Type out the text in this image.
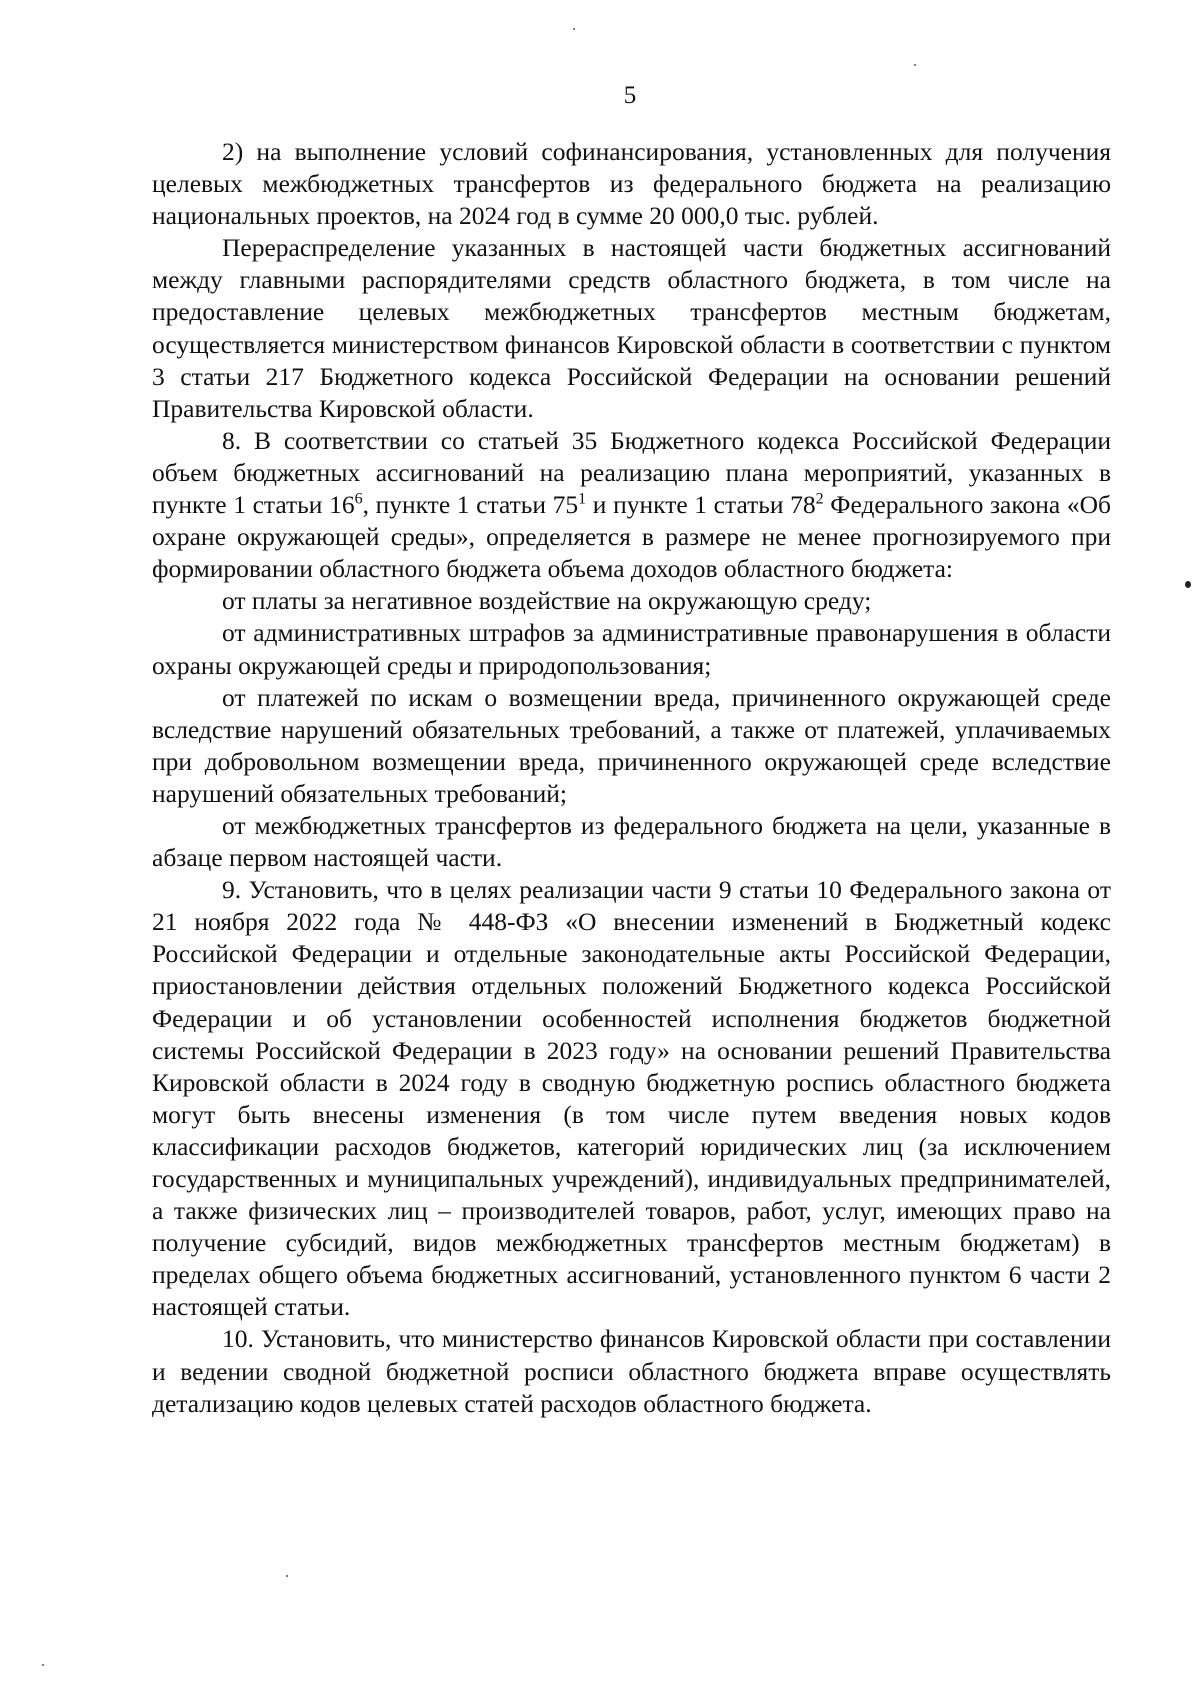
5

2) на выполнение условий софинансирования, установленных для получения целевых межбюджетных трансфертов из федерального бюджета на реализацию национальных проектов, на 2024 год в сумме 20 000,0 тыс. рублей.

Перераспределение указанных в настоящей части бюджетных ассигнований между главными распорядителями средств областного бюджета, в том числе на предоставление целевых межбюджетных трансфертов местным бюджетам, осуществляется министерством финансов Кировской области в соответствии с пунктом 3 статьи 217 Бюджетного кодекса Российской Федерации на основании решений Правительства Кировской области.

8. В соответствии со статьей 35 Бюджетного кодекса Российской Федерации объем бюджетных ассигнований на реализацию плана мероприятий, указанных в пункте 1 статьи $16^6$, пункте 1 статьи $75^1$ и пункте 1 статьи $78^2$ Федерального закона «Об охране окружающей среды», определяется в размере не менее прогнозируемого при формировании областного бюджета объема доходов областного бюджета:

от платы за негативное воздействие на окружающую среду;

от административных штрафов за административные правонарушения в области охраны окружающей среды и природопользования;

от платежей по искам о возмещении вреда, причиненного окружающей среде вследствие нарушений обязательных требований, а также от платежей, уплачиваемых при добровольном возмещении вреда, причиненного окружающей среде вследствие нарушений обязательных требований;

от межбюджетных трансфертов из федерального бюджета на цели, указанные в абзаце первом настоящей части.

9. Установить, что в целях реализации части 9 статьи 10 Федерального закона от 21 ноября 2022 года № 448-ФЗ «О внесении изменений в Бюджетный кодекс Российской Федерации и отдельные законодательные акты Российской Федерации, приостановлении действия отдельных положений Бюджетного кодекса Российской Федерации и об установлении особенностей исполнения бюджетов бюджетной системы Российской Федерации в 2023 году» на основании решений Правительства Кировской области в 2024 году в сводную бюджетную роспись областного бюджета могут быть внесены изменения (в том числе путем введения новых кодов классификации расходов бюджетов, категорий юридических лиц (за исключением государственных и муниципальных учреждений), индивидуальных предпринимателей, а также физических лиц – производителей товаров, работ, услуг, имеющих право на получение субсидий, видов межбюджетных трансфертов местным бюджетам) в пределах общего объема бюджетных ассигнований, установленного пунктом 6 части 2 настоящей статьи.

10. Установить, что министерство финансов Кировской области при составлении и ведении сводной бюджетной росписи областного бюджета вправе осуществлять детализацию кодов целевых статей расходов областного бюджета.
